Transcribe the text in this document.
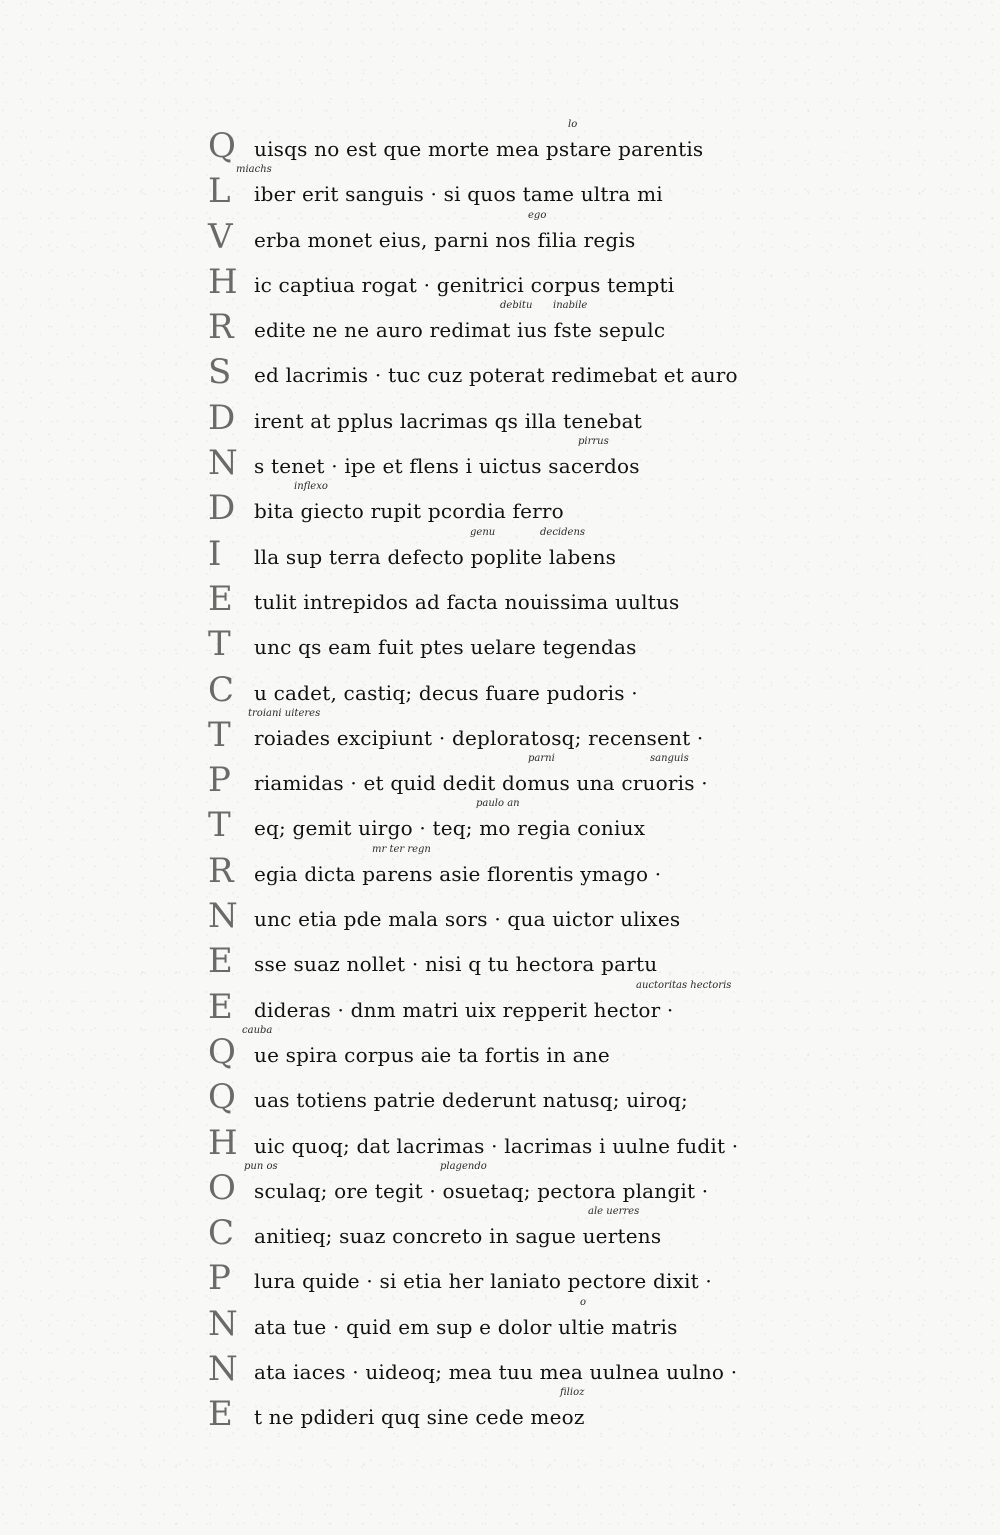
Q uisqs no est que morte mea pstare parentis
lo
L	iber erit sanguis · si quos tame ultra mi
miachs
V	erba monet eius, parni nos filia regis
ego
H ic captiua rogat · genitrici corpus tempti
R	edite ne ne auro redimat ius fste sepulc
debitu inabile
S	ed lacrimis · tuc cuz poterat redimebat et auro
D irent at pplus lacrimas qs illa tenebat
N s tenet · ipe et flens i uictus sacerdos
pirrus
D bita giecto rupit pcordia ferro
inflexo
I	lla sup terra defecto poplite labens
genu	decidens
E	tulit intrepidos ad facta nouissima uultus
T	unc qs eam fuit ptes uelare tegendas
C u cadet, castiq; decus fuare pudoris ·
T	roiades excipiunt · deploratosq; recensent ·
troiani uiteres
P	riamidas · et quid dedit domus una cruoris ·
parni	sanguis
T	eq; gemit uirgo · teq; mo regia coniux
paulo an
R	egia dicta parens asie florentis ymago ·
mr ter regn
N unc etia pde mala sors · qua uictor ulixes
E	sse suaz nollet · nisi q tu hectora partu
E	dideras · dnm matri uix repperit hector ·
auctoritas hectoris
Q ue spira corpus aie ta fortis in ane
cauba
Q uas totiens patrie dederunt natusq; uiroq;
H uic quoq; dat lacrimas · lacrimas i uulne fudit ·
O sculaq; ore tegit · osuetaq; pectora plangit ·
pun os	plagendo
C anitieq; suaz concreto in sague uertens
ale uerres
P	lura quide · si etia her laniato pectore dixit ·
N ata tue · quid em sup e dolor ultie matris
o
N ata iaces · uideoq; mea tuu mea uulnea uulno ·
E	t ne pdideri quq sine cede meoz
filioz
